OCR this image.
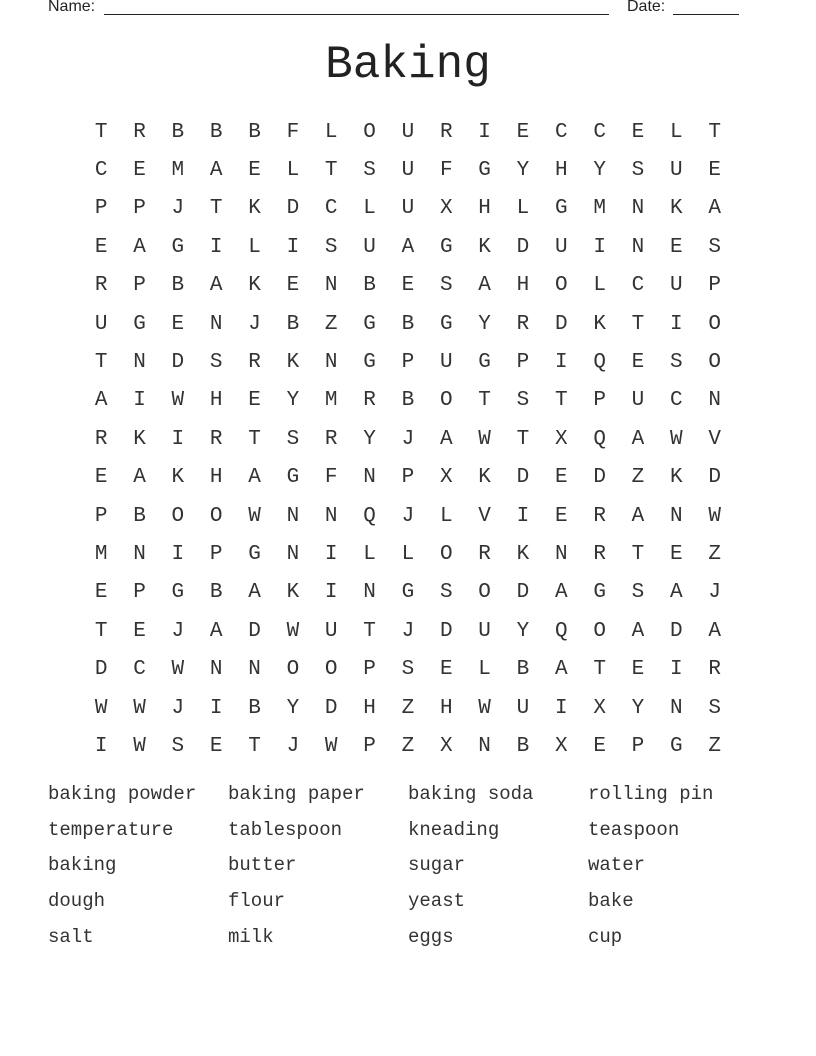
Name:	Date:
Baking
T	R	B	B	B	F	L	O	U	R	I	E	C	C	E	L	T
C	E	M	A	E	L	T	S	U	F	G	Y	H	Y	S	U	E
P	P	J	T	K	D	C	L	U	X	H	L	G	M	N	K	A
E	A	G	I	L	I	S	U	A	G	K	D	U	I	N	E	S
R	P	B	A	K	E	N	B	E	S	A	H	O	L	C	U	P
U	G	E	N	J	B	Z	G	B	G	Y	R	D	K	T	I	O
T	N	D	S	R	K	N	G	P	U	G	P	I	Q	E	S	O
A	I	W	H	E	Y	M	R	B	O	T	S	T	P	U	C	N
R	K	I	R	T	S	R	Y	J	A	W	T	X	Q	A	W	V
E	A	K	H	A	G	F	N	P	X	K	D	E	D	Z	K	D
P	B	O	O	W	N	N	Q	J	L	V	I	E	R	A	N	W
M	N	I	P	G	N	I	L	L	O	R	K	N	R	T	E	Z
E	P	G	B	A	K	I	N	G	S	O	D	A	G	S	A	J
T	E	J	A	D	W	U	T	J	D	U	Y	Q	O	A	D	A
D	C	W	N	N	O	O	P	S	E	L	B	A	T	E	I	R
W	W	J	I	B	Y	D	H	Z	H	W	U	I	X	Y	N	S
I	W	S	E	T	J	W	P	Z	X	N	B	X	E	P	G	Z
baking powder	baking paper	baking soda	rolling pin
temperature	tablespoon	kneading	teaspoon
baking	butter	sugar	water
dough	flour	yeast	bake
salt	milk	eggs	cup
